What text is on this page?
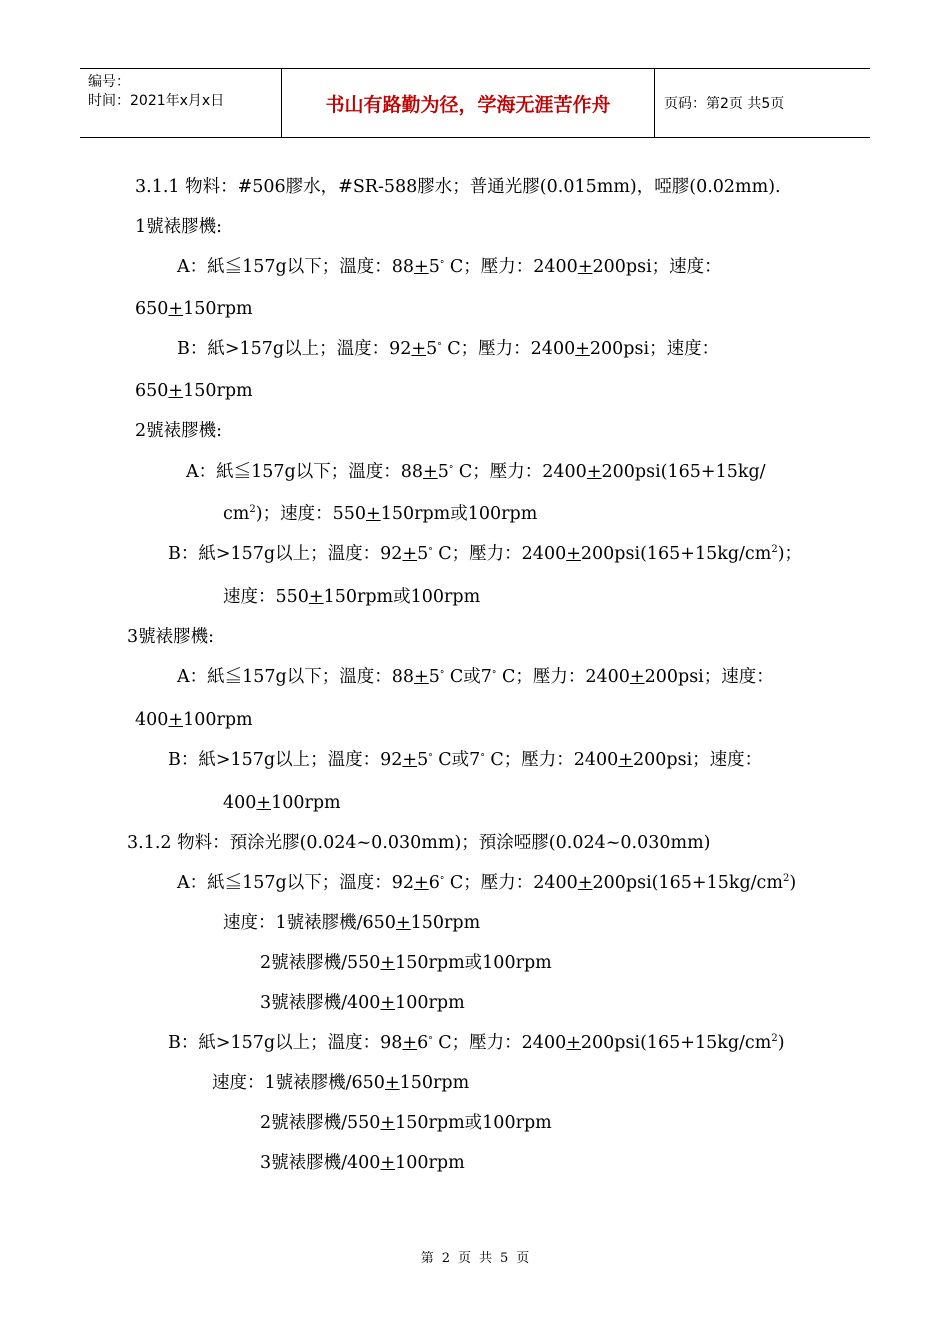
编号：
时间：2021年x月x日	书山有路勤为径，学海无涯苦作舟	页码：第2页 共5页
3.1.1 物料：#506膠水，#SR-588膠水；普通光膠(0.015mm)，啞膠(0.02mm).
1號裱膠機:
A：紙≦157g以下；溫度：88+5° C；壓力：2400+200psi；速度：
650+150rpm
B：紙>157g以上；溫度：92+5° C；壓力：2400+200psi；速度：
650+150rpm
2號裱膠機:
A：紙≦157g以下；溫度：88+5° C；壓力：2400+200psi(165+15kg/
$cm^2$)；速度：550+150rpm或100rpm
B：紙>157g以上；溫度：92+5° C；壓力：$2400+200psi(165+15kg/cm^2)$；
速度：550+150rpm或100rpm
3號裱膠機:
A：紙≦157g以下；溫度：88+5° C或7° C；壓力：2400+200psi；速度：
400+100rpm
B：紙>157g以上；溫度：92+5° C或7° C；壓力：2400+200psi；速度：
400+100rpm
3.1.2 物料：預涂光膠(0.024~0.030mm)；預涂啞膠(0.024~0.030mm)
A：紙≦157g以下；溫度：92+6° C；壓力：$2400+200psi(165+15kg/cm^2)$
速度：1號裱膠機/650+150rpm
2號裱膠機/550+150rpm或100rpm
3號裱膠機/400+100rpm
B：紙>157g以上；溫度：98+6° C；壓力：$2400+200psi(165+15kg/cm^2)$
速度：1號裱膠機/650+150rpm
2號裱膠機/550+150rpm或100rpm
3號裱膠機/400+100rpm
第 2 页 共 5 页
